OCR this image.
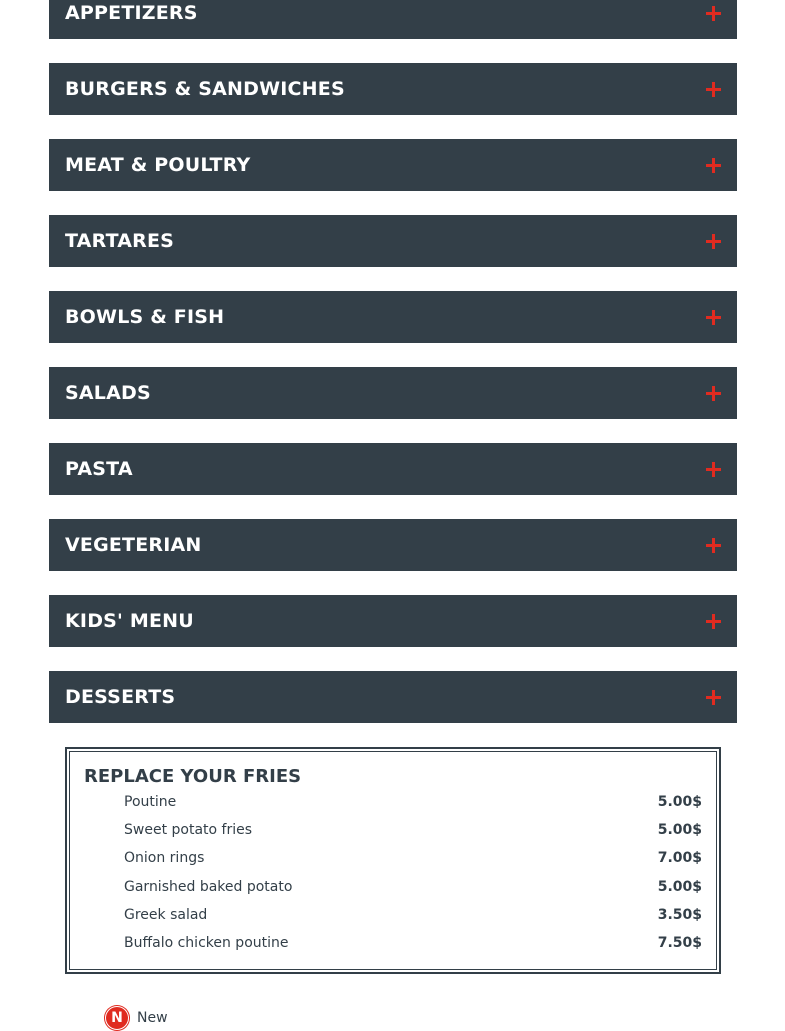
APPETIZERS
BURGERS & SANDWICHES
MEAT & POULTRY
TARTARES
BOWLS & FISH
SALADS
PASTA
VEGETERIAN
KIDS' MENU
DESSERTS
REPLACE YOUR FRIES
Poutine	5.00$
Sweet potato fries	5.00$
Onion rings	7.00$
Garnished baked potato	5.00$
Greek salad	3.50$
Buffalo chicken poutine	7.50$
N	New
